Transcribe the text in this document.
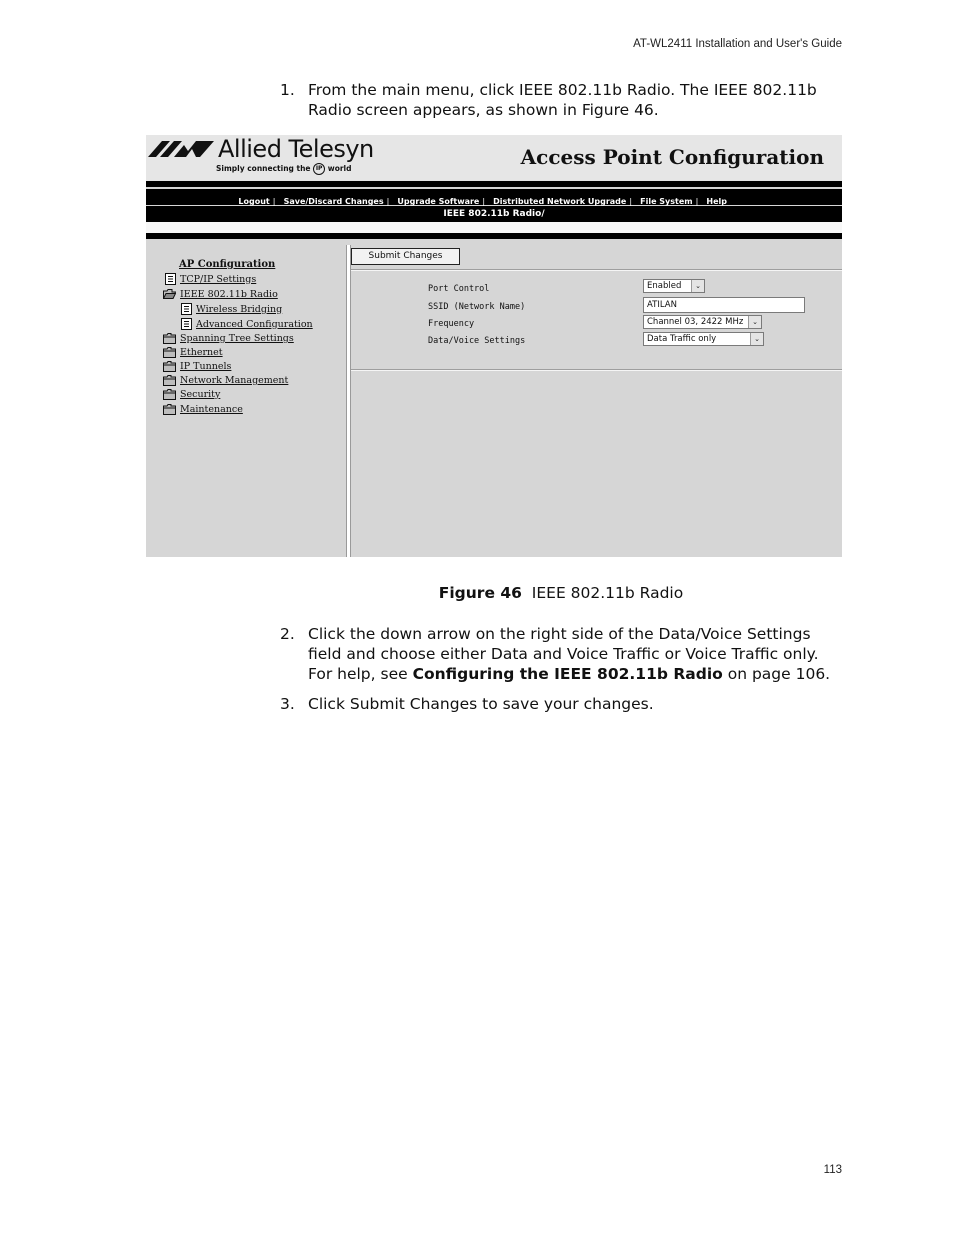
AT-WL2411 Installation and User's Guide
1. From the main menu, click IEEE 802.11b Radio. The IEEE 802.11b Radio screen appears, as shown in Figure 46.
Allied Telesyn
Simply connecting the IP world	Access Point Configuration
Logout | Save/Discard Changes | Upgrade Software | Distributed Network Upgrade | File System | Help
IEEE 802.11b Radio/
AP Configuration
TCP/IP Settings
IEEE 802.11b Radio
Wireless Bridging
Advanced Configuration
Spanning Tree Settings
Ethernet
IP Tunnels
Network Management
Security
Maintenance
Submit Changes
Port Control	Enabled	⌄
SSID (Network Name)	ATILAN
Frequency	Channel 03, 2422 MHz	⌄
Data/Voice Settings	Data Traffic only	⌄
Figure 46 IEEE 802.11b Radio
2. Click the down arrow on the right side of the Data/Voice Settings field and choose either Data and Voice Traffic or Voice Traffic only. For help, see Configuring the IEEE 802.11b Radio on page 106.
3. Click Submit Changes to save your changes.
113
